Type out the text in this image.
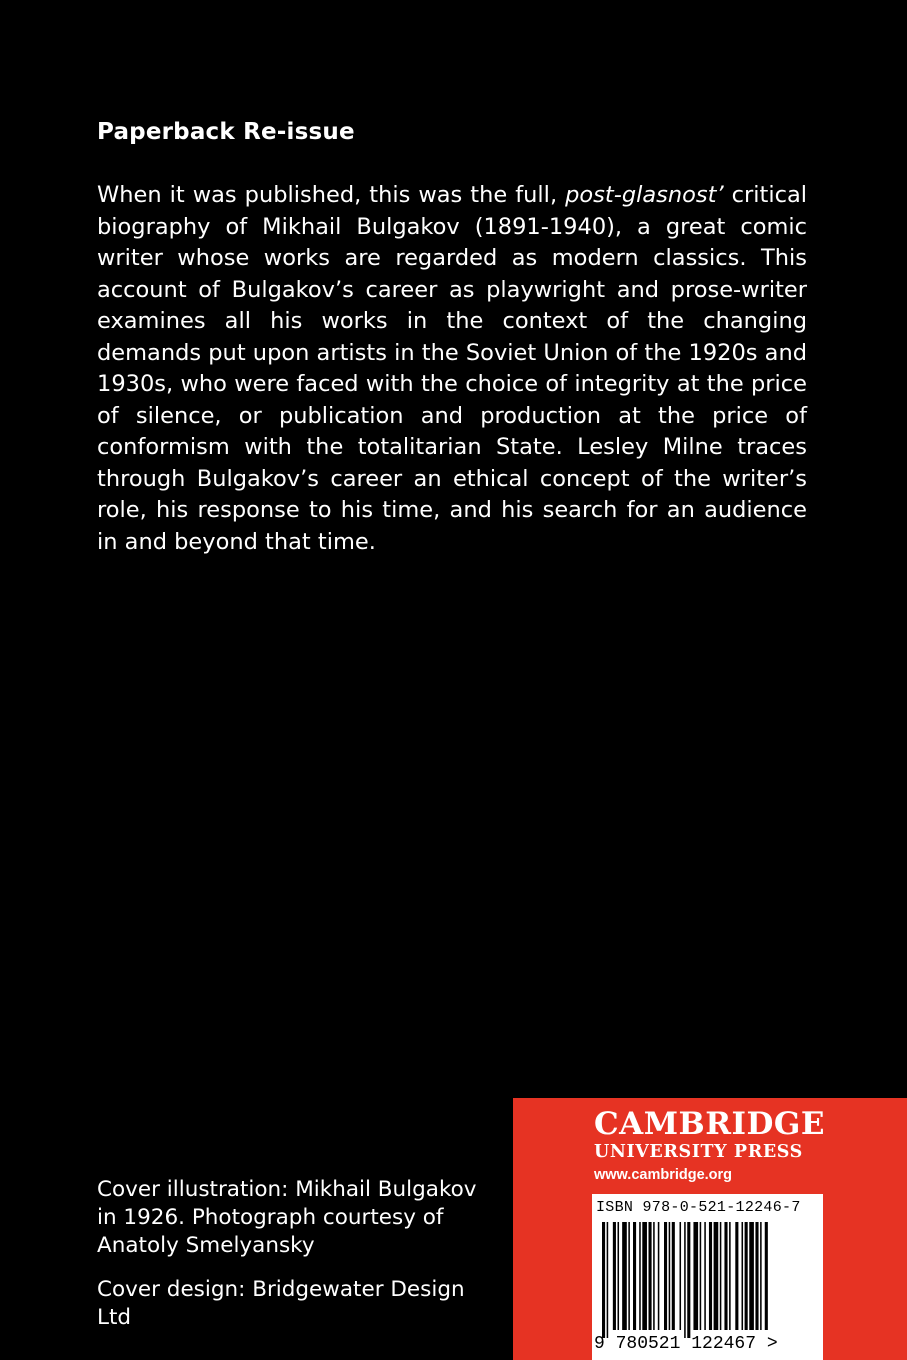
Paperback Re-issue

When it was published, this was the full, post-glasnost’ critical biography of Mikhail Bulgakov (1891-1940), a great comic writer whose works are regarded as modern classics. This account of Bulgakov’s career as playwright and prose-writer examines all his works in the context of the changing demands put upon artists in the Soviet Union of the 1920s and 1930s, who were faced with the choice of integrity at the price of silence, or publication and production at the price of conformism with the totalitarian State. Lesley Milne traces through Bulgakov’s career an ethical concept of the writer’s role, his response to his time, and his search for an audience in and beyond that time.

Cover illustration: Mikhail Bulgakov in 1926. Photograph courtesy of Anatoly Smelyansky

Cover design: Bridgewater Design Ltd

CAMBRIDGE
UNIVERSITY PRESS
www.cambridge.org
ISBN 978-0-521-12246-7
9 780521 122467 >
